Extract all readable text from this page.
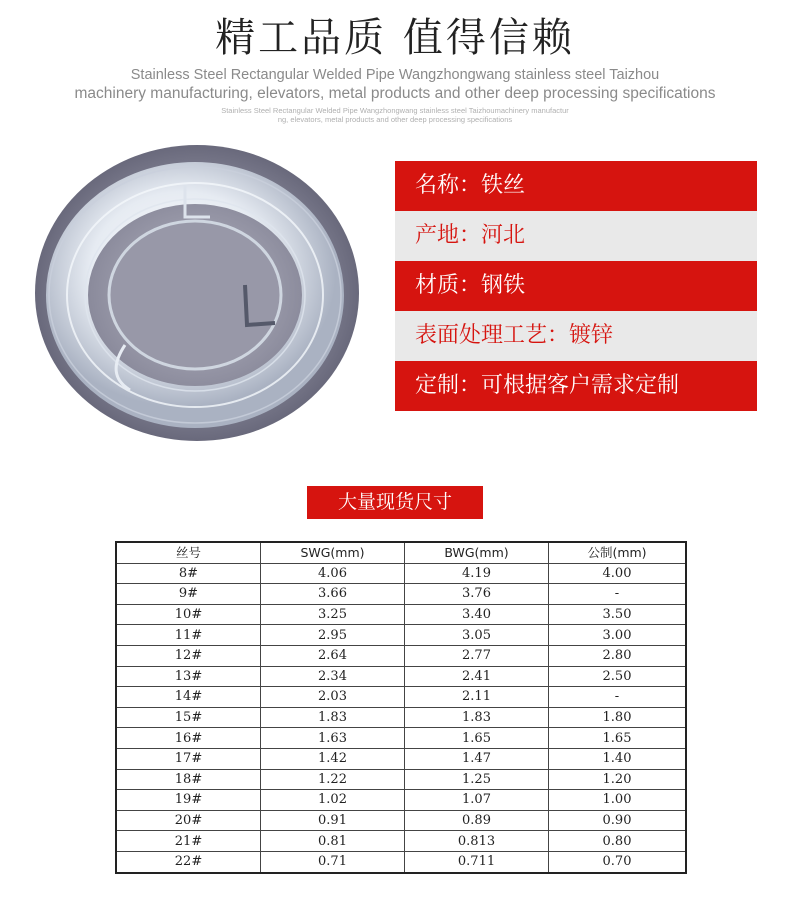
精工品质 值得信赖
Stainless Steel Rectangular Welded Pipe Wangzhongwang stainless steel Taizhou
machinery manufacturing, elevators, metal products and other deep processing specifications
Stainless Steel Rectangular Welded Pipe Wangzhongwang stainless steel Taizhoumachinery manufactur
ng, elevators, metal products and other deep processing specifications
名称：铁丝
产地：河北
材质：钢铁
表面处理工艺：镀锌
定制：可根据客户需求定制
大量现货尺寸
丝号	SWG(mm)	BWG(mm)	公制(mm)
8#	4.06	4.19	4.00
9#	3.66	3.76	-
10#	3.25	3.40	3.50
11#	2.95	3.05	3.00
12#	2.64	2.77	2.80
13#	2.34	2.41	2.50
14#	2.03	2.11	-
15#	1.83	1.83	1.80
16#	1.63	1.65	1.65
17#	1.42	1.47	1.40
18#	1.22	1.25	1.20
19#	1.02	1.07	1.00
20#	0.91	0.89	0.90
21#	0.81	0.813	0.80
22#	0.71	0.711	0.70
